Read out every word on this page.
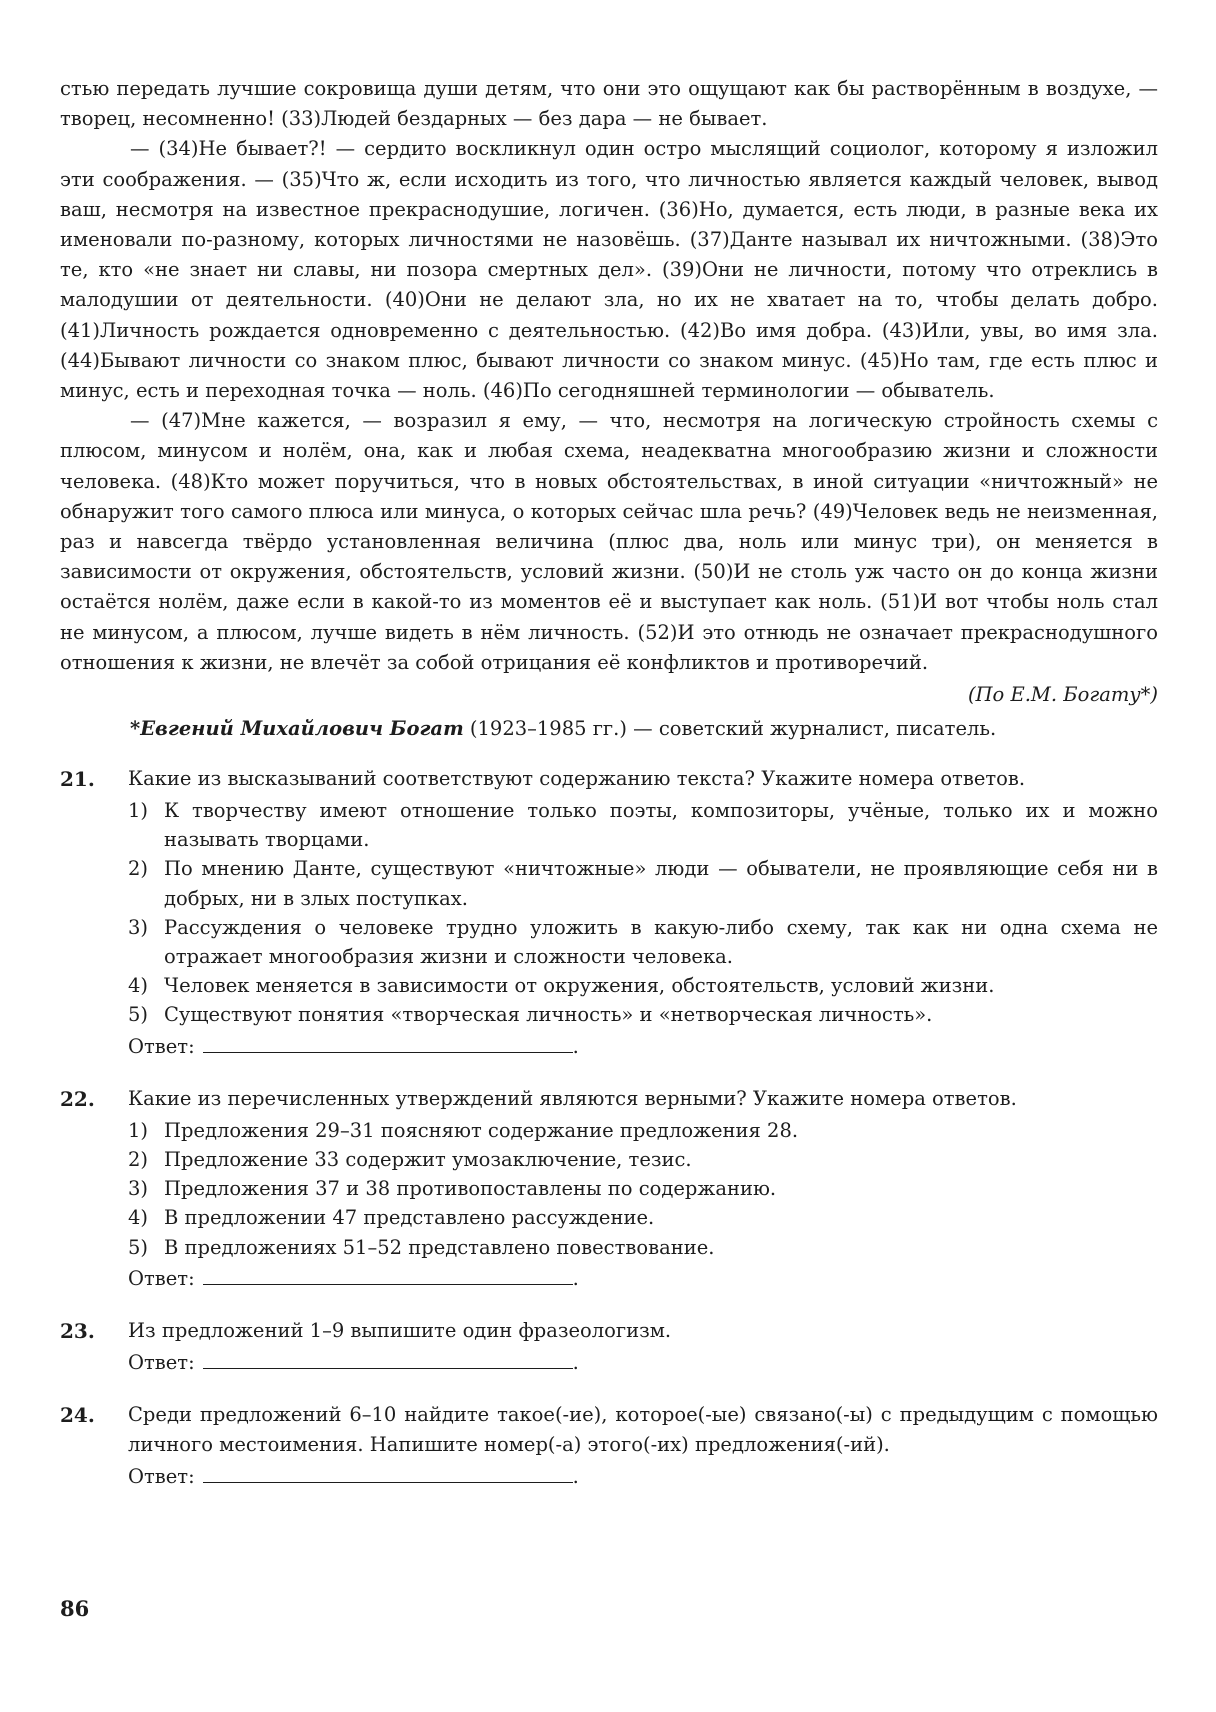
стью передать лучшие сокровища души детям, что они это ощущают как бы растворённым в воздухе, — творец, несомненно! (33)Людей бездарных — без дара — не бывает.

— (34)Не бывает?! — сердито воскликнул один остро мыслящий социолог, которому я изложил эти соображения. — (35)Что ж, если исходить из того, что личностью является каждый человек, вывод ваш, несмотря на известное прекраснодушие, логичен. (36)Но, думается, есть люди, в разные века их именовали по-разному, которых личностями не назовёшь. (37)Данте называл их ничтожными. (38)Это те, кто «не знает ни славы, ни позора смертных дел». (39)Они не личности, потому что отреклись в малодушии от деятельности. (40)Они не делают зла, но их не хватает на то, чтобы делать добро. (41)Личность рождается одновременно с деятельностью. (42)Во имя добра. (43)Или, увы, во имя зла. (44)Бывают личности со знаком плюс, бывают личности со знаком минус. (45)Но там, где есть плюс и минус, есть и переходная точка — ноль. (46)По сегодняшней терминологии — обыватель.

— (47)Мне кажется, — возразил я ему, — что, несмотря на логическую стройность схемы с плюсом, минусом и нолём, она, как и любая схема, неадекватна многообразию жизни и сложности человека. (48)Кто может поручиться, что в новых обстоятельствах, в иной ситуации «ничтожный» не обнаружит того самого плюса или минуса, о которых сейчас шла речь? (49)Человек ведь не неизменная, раз и навсегда твёрдо установленная величина (плюс два, ноль или минус три), он меняется в зависимости от окружения, обстоятельств, условий жизни. (50)И не столь уж часто он до конца жизни остаётся нолём, даже если в какой-то из моментов её и выступает как ноль. (51)И вот чтобы ноль стал не минусом, а плюсом, лучше видеть в нём личность. (52)И это отнюдь не означает прекраснодушного отношения к жизни, не влечёт за собой отрицания её конфликтов и противоречий.

(По Е.М. Богату*)
*Евгений Михайлович Богат (1923–1985 гг.) — советский журналист, писатель.
21. Какие из высказываний соответствуют содержанию текста? Укажите номера ответов.

1) К творчеству имеют отношение только поэты, композиторы, учёные, только их и можно называть творцами.
2) По мнению Данте, существуют «ничтожные» люди — обыватели, не проявляющие себя ни в добрых, ни в злых поступках.
3) Рассуждения о человеке трудно уложить в какую-либо схему, так как ни одна схема не отражает многообразия жизни и сложности человека.
4) Человек меняется в зависимости от окружения, обстоятельств, условий жизни.
5) Существуют понятия «творческая личность» и «нетворческая личность».
Ответ:	.
22. Какие из перечисленных утверждений являются верными? Укажите номера ответов.

1) Предложения 29–31 поясняют содержание предложения 28.
2) Предложение 33 содержит умозаключение, тезис.
3) Предложения 37 и 38 противопоставлены по содержанию.
4) В предложении 47 представлено рассуждение.
5) В предложениях 51–52 представлено повествование.
Ответ:	.
23. Из предложений 1–9 выпишите один фразеологизм.

Ответ:	.
24. Среди предложений 6–10 найдите такое(-ие), которое(-ые) связано(-ы) с предыдущим с помощью личного местоимения. Напишите номер(-а) этого(-их) предложения(-ий).

Ответ:	.
86
